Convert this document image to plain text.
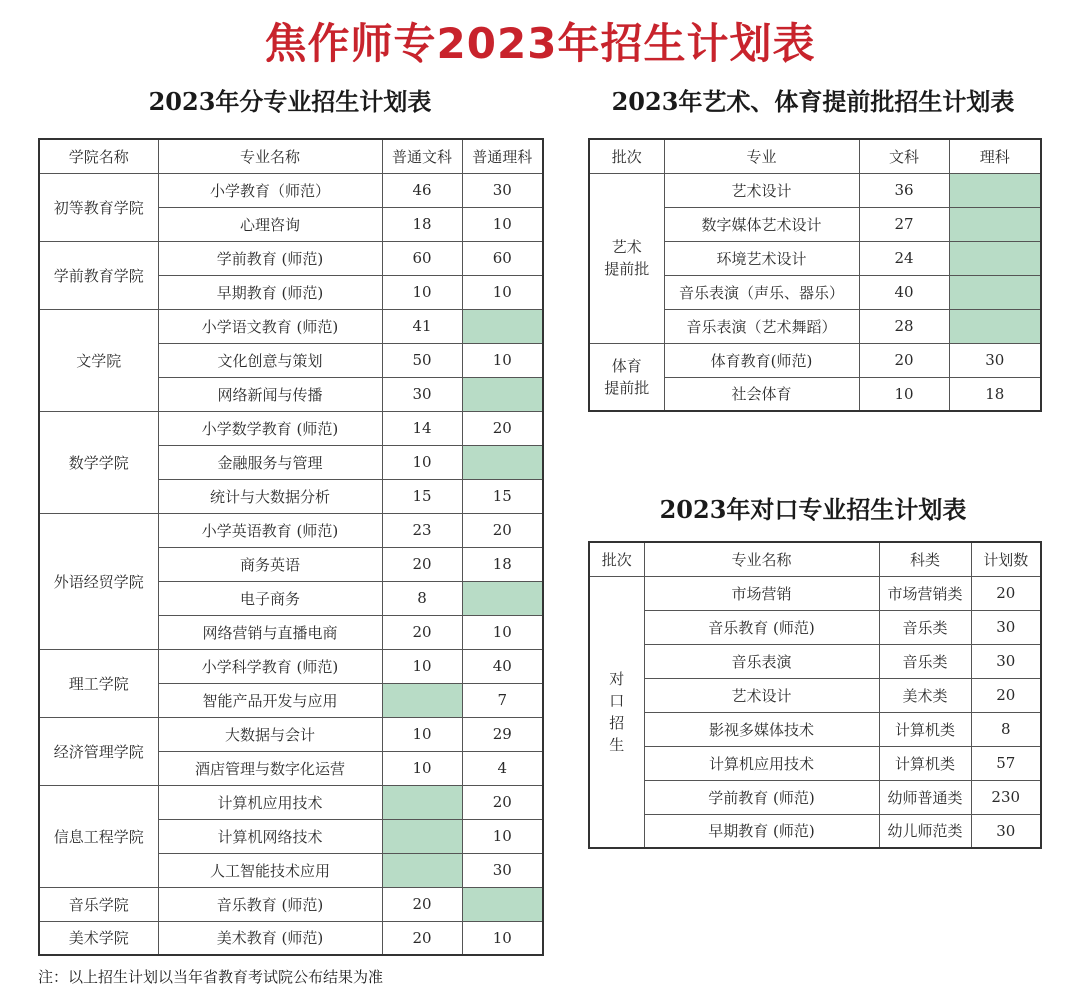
焦作师专2023年招生计划表
2023年分专业招生计划表	2023年艺术、体育提前批招生计划表
2023年对口专业招生计划表
学院名称	专业名称	普通文科	普通理科
初等教育学院	小学教育（师范）	46	30
	心理咨询	18	10
学前教育学院	学前教育 (师范)	60	60
	早期教育 (师范)	10	10
文学院	小学语文教育 (师范)	41	
	文化创意与策划	50	10
	网络新闻与传播	30	
数学学院	小学数学教育 (师范)	14	20
	金融服务与管理	10	
	统计与大数据分析	15	15
外语经贸学院	小学英语教育 (师范)	23	20
	商务英语	20	18
	电子商务	8	
	网络营销与直播电商	20	10
理工学院	小学科学教育 (师范)	10	40
	智能产品开发与应用		7
经济管理学院	大数据与会计	10	29
	酒店管理与数字化运营	10	4
信息工程学院	计算机应用技术		20
	计算机网络技术		10
	人工智能技术应用		30
音乐学院	音乐教育 (师范)	20	
美术学院	美术教育 (师范)	20	10
批次	专业	文科	理科
艺术
提前批	艺术设计	36	
	数字媒体艺术设计	27	
	环境艺术设计	24	
	音乐表演（声乐、器乐）	40	
	音乐表演（艺术舞蹈）	28	
体育
提前批	体育教育(师范)	20	30
	社会体育	10	18
批次	专业名称	科类	计划数
对
口
招
生	市场营销	市场营销类	20
	音乐教育 (师范)	音乐类	30
	音乐表演	音乐类	30
	艺术设计	美术类	20
	影视多媒体技术	计算机类	8
	计算机应用技术	计算机类	57
	学前教育 (师范)	幼师普通类	230
	早期教育 (师范)	幼儿师范类	30
注：以上招生计划以当年省教育考试院公布结果为准
